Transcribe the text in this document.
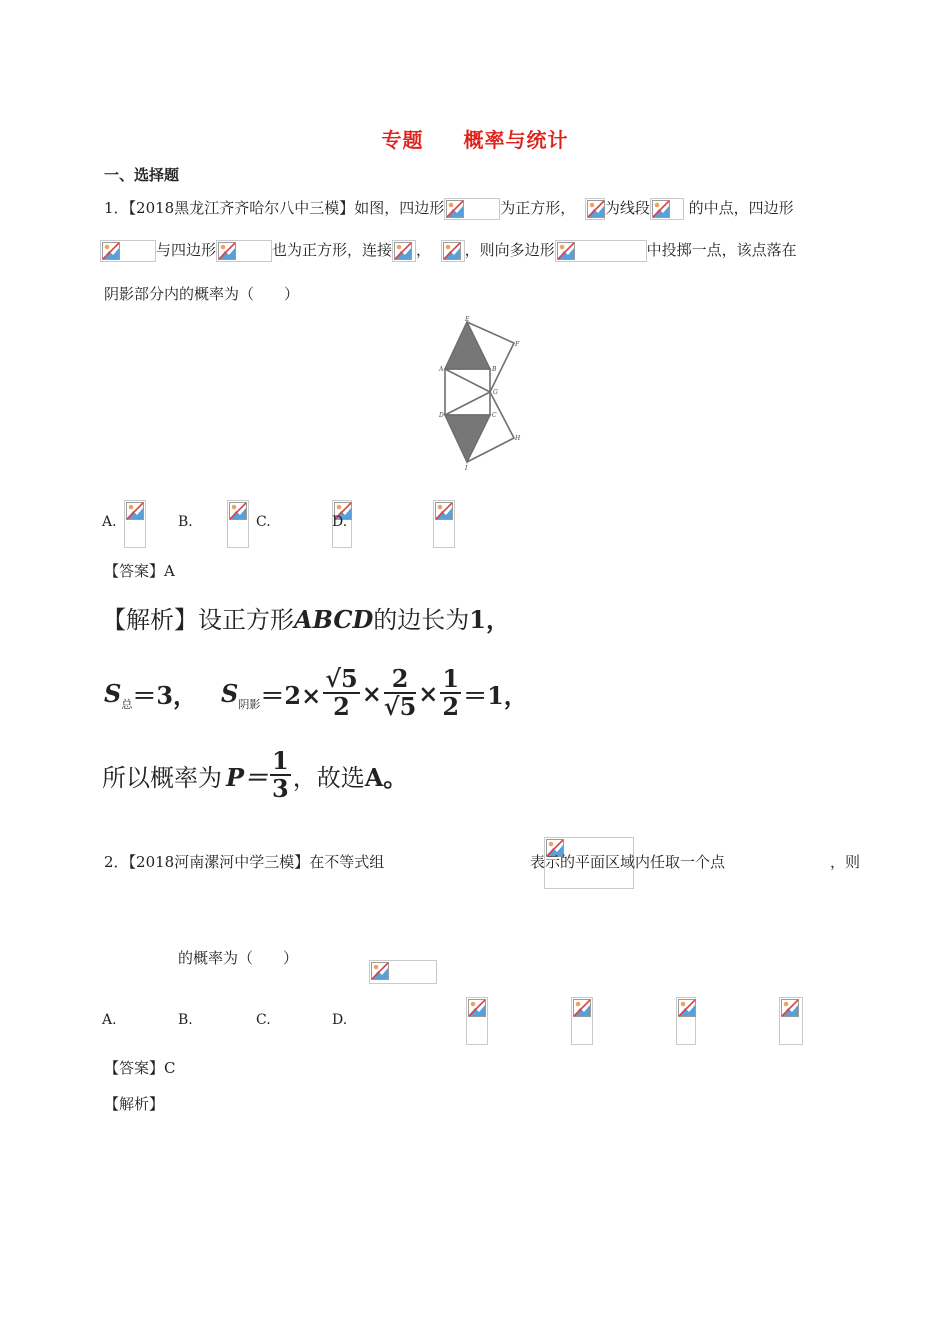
专题 概率与统计
一、选择题
1．【2018黑龙江齐齐哈尔八中三模】如图，四边形	为正方形， 为线段	的中点，四边形
与四边形	也为正方形，连接 ， ，则向多边形	中投掷一点，该点落在
阴影部分内的概率为（　　）
E
F
A	B
G
D	C
H
I
A.
	B.
	C.
	D.

【答案】A
【解析】设正方形ABCD的边长为1，
S 总 ＝3， S 阴影 $=2\times \frac{√5}{2} \times \frac{2}{√5} \times \frac{1}{2} =1$，
所以概率为 $P= \frac{1}{3}$ ，故选 A。
2．【2018河南漯河中学三模】在不等式组
	表示的平面区域内任取一个点
	，则

的概率为（　　）
A.
	B.
	C.
	D.
【答案】C
【解析】
